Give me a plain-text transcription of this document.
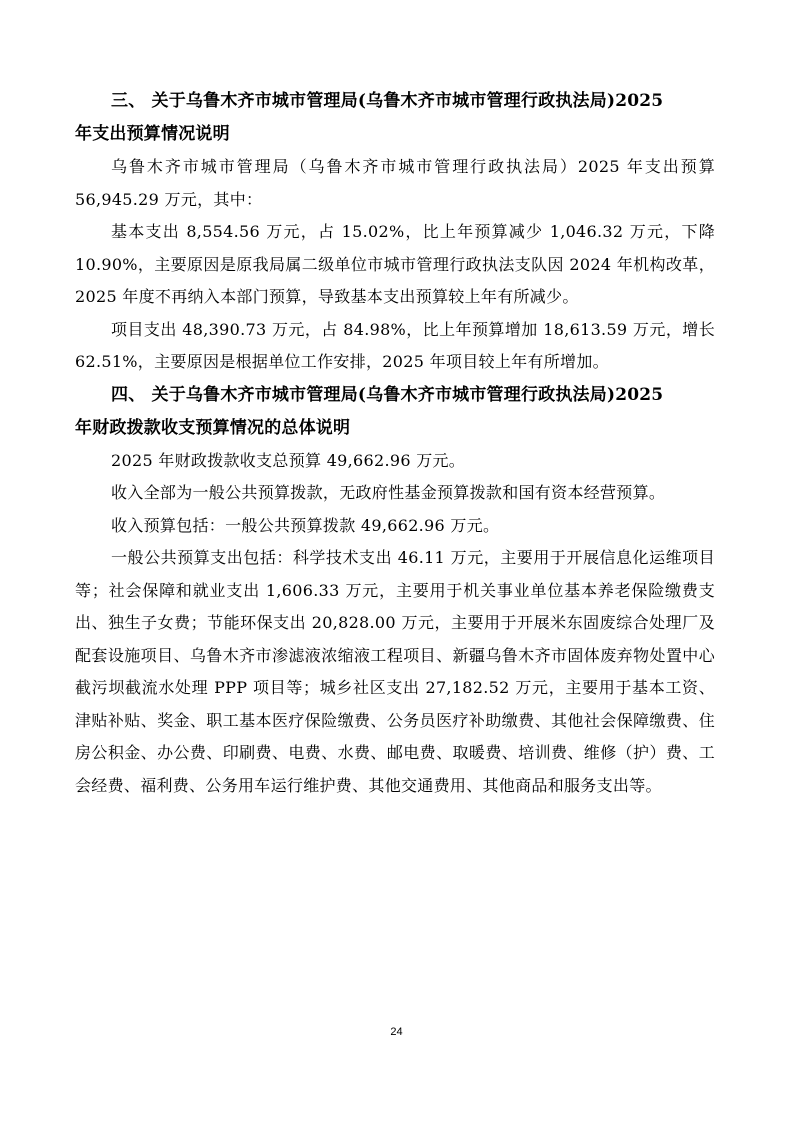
三、 关于乌鲁木齐市城市管理局(乌鲁木齐市城市管理行政执法局)2025
年支出预算情况说明

乌鲁木齐市城市管理局（乌鲁木齐市城市管理行政执法局）2025 年支出预算 56,945.29 万元，其中：

基本支出 8,554.56 万元，占 15.02%，比上年预算减少 1,046.32 万元，下降 10.90%，主要原因是原我局属二级单位市城市管理行政执法支队因 2024 年机构改革，2025 年度不再纳入本部门预算，导致基本支出预算较上年有所减少。

项目支出 48,390.73 万元，占 84.98%，比上年预算增加 18,613.59 万元，增长 62.51%，主要原因是根据单位工作安排，2025 年项目较上年有所增加。

四、 关于乌鲁木齐市城市管理局(乌鲁木齐市城市管理行政执法局)2025
年财政拨款收支预算情况的总体说明

2025 年财政拨款收支总预算 49,662.96 万元。

收入全部为一般公共预算拨款，无政府性基金预算拨款和国有资本经营预算。

收入预算包括：一般公共预算拨款 49,662.96 万元。

一般公共预算支出包括：科学技术支出 46.11 万元，主要用于开展信息化运维项目等；社会保障和就业支出 1,606.33 万元，主要用于机关事业单位基本养老保险缴费支出、独生子女费；节能环保支出 20,828.00 万元，主要用于开展米东固废综合处理厂及配套设施项目、乌鲁木齐市渗滤液浓缩液工程项目、新疆乌鲁木齐市固体废弃物处置中心截污坝截流水处理 PPP 项目等；城乡社区支出 27,182.52 万元，主要用于基本工资、津贴补贴、奖金、职工基本医疗保险缴费、公务员医疗补助缴费、其他社会保障缴费、住房公积金、办公费、印刷费、电费、水费、邮电费、取暖费、培训费、维修（护）费、工会经费、福利费、公务用车运行维护费、其他交通费用、其他商品和服务支出等。

24
